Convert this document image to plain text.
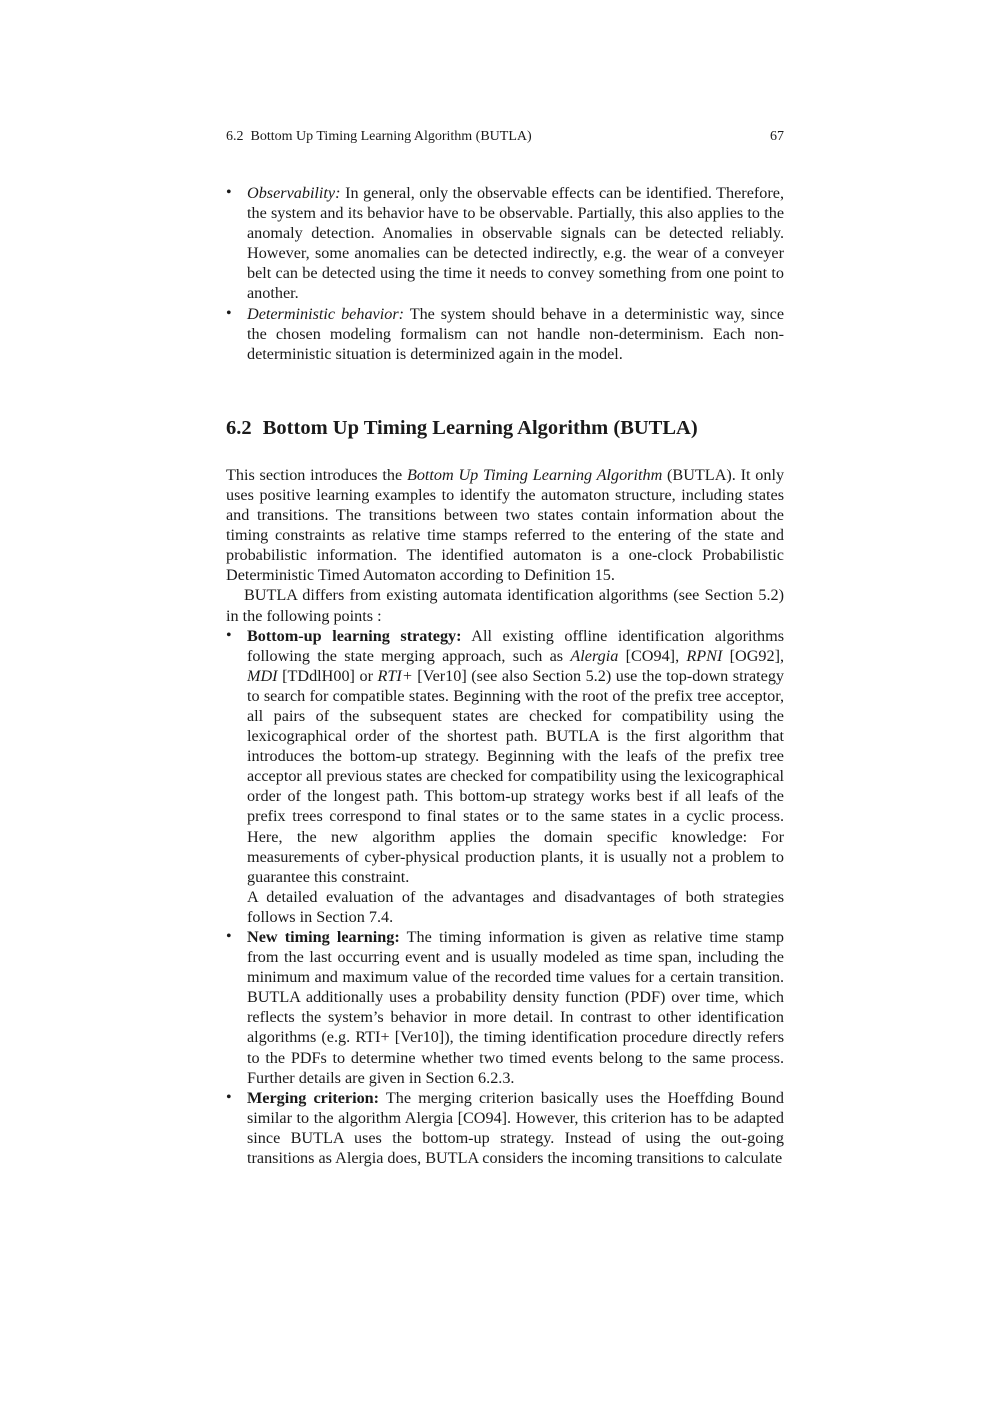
6.2 Bottom Up Timing Learning Algorithm (BUTLA)	67

• Observability: In general, only the observable effects can be identified. Therefore, the system and its behavior have to be observable. Partially, this also applies to the anomaly detection. Anomalies in observable signals can be detected reliably. However, some anomalies can be detected indirectly, e.g. the wear of a conveyer belt can be detected using the time it needs to convey something from one point to another.

• Deterministic behavior: The system should behave in a deterministic way, since the chosen modeling formalism can not handle non-determinism. Each non-deterministic situation is determinized again in the model.

6.2 Bottom Up Timing Learning Algorithm (BUTLA)

This section introduces the Bottom Up Timing Learning Algorithm (BUTLA). It only uses positive learning examples to identify the automaton structure, including states and transitions. The transitions between two states contain information about the timing constraints as relative time stamps referred to the entering of the state and probabilistic information. The identified automaton is a one-clock Probabilistic Deterministic Timed Automaton according to Definition 15.

BUTLA differs from existing automata identification algorithms (see Section 5.2) in the following points :

• Bottom-up learning strategy: All existing offline identification algorithms following the state merging approach, such as Alergia [CO94], RPNI [OG92], MDI [TDdlH00] or RTI+ [Ver10] (see also Section 5.2) use the top-down strategy to search for compatible states. Beginning with the root of the prefix tree acceptor, all pairs of the subsequent states are checked for compatibility using the lexicographical order of the shortest path. BUTLA is the first algorithm that introduces the bottom-up strategy. Beginning with the leafs of the prefix tree acceptor all previous states are checked for compatibility using the lexicographical order of the longest path. This bottom-up strategy works best if all leafs of the prefix trees correspond to final states or to the same states in a cyclic process. Here, the new algorithm applies the domain specific knowledge: For measurements of cyber-physical production plants, it is usually not a problem to guarantee this constraint.

A detailed evaluation of the advantages and disadvantages of both strategies follows in Section 7.4.

• New timing learning: The timing information is given as relative time stamp from the last occurring event and is usually modeled as time span, including the minimum and maximum value of the recorded time values for a certain transition. BUTLA additionally uses a probability density function (PDF) over time, which reflects the system’s behavior in more detail. In contrast to other identification algorithms (e.g. RTI+ [Ver10]), the timing identification procedure directly refers to the PDFs to determine whether two timed events belong to the same process. Further details are given in Section 6.2.3.

• Merging criterion: The merging criterion basically uses the Hoeffding Bound similar to the algorithm Alergia [CO94]. However, this criterion has to be adapted since BUTLA uses the bottom-up strategy. Instead of using the out-going transitions as Alergia does, BUTLA considers the incoming transitions to calculate
